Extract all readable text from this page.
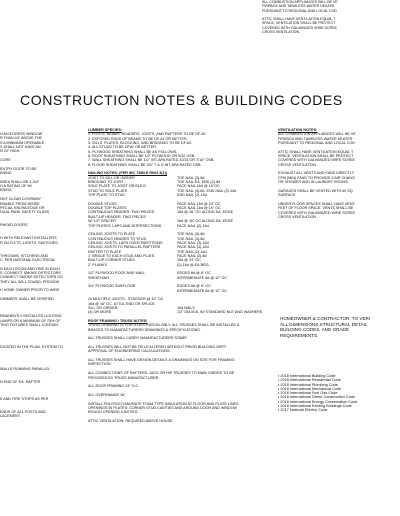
ALL COMBUSTION APPLIANCES WILL BE VE
FIREBOX AND TANKLESS WATER HEATER
PURSUANT TO REGIONAL AND LOCAL COD

ATTIC SHALL HAVE VENTILATION EQUAL T
SPACE. VENTILATION SHALL BE PROTECT
COVERED WITH GALVANIZED WIRE SCREE
CROSS VENTILATION.
CONSTRUCTION NOTES & BUILDING CODES
H AN EGRESS WINDOW
R THAN 44" ABOVE THE
S A MINIMUM OPENABLE
S SHALL NOT HAVE AN
N 24" HIGH.

CORE

ENTRY DOOR TO BE
ENING

AREA SHALL BE 1-3/4"
H A RATING OF 60
ENING

NOT CLEAR DOORWAY
ENABLE FROM INSIDE
PECIAL KNOWLEDGE OR
DUAL PANE SAFETY GLASS

RHEAD DOORS

H WITH RELEVANT INSTALLERS
R OUTLETS, LIGHTS, SWITCHES,

THROOMS, KITCHENS AND
C. PER NATIONAL ELECTRICAL

N EACH ROOM AND ONE IN EACH
S. CONNECT SMOKE DETECTORS
CONNECT SMOKE DETECTORS SO
THEY ALL WILL SOUND. PROVIDE

H HOME OWNER PRIOR TO WIRE

DIMMERS SHALL BE VERIFIED

RMANENTLY INSTALLED LIGHTING
LAMPS OR A MINIMUM OF 75% OF
TING FIXTURES SHALL CONTAIN

DICATED IN THE PLAN, SYSTEM TO

WALLS RUNNING PARALLEL

N END OF EA. RAFTER

E AND FIRE STOPS AS PER

ENDS OF ALL POSTS AND
LACEMENT.
LUMBER SPECIES:
1. POSTS, BEAMS, HEADERS, JOISTS, AND RAFTERS TO BE DF-#2.
2. EXPOSED ENDS OF BEAMS TO BE DF-#1 OR BETTER.
3. SILLS, PLATES, BLOCKING, AND BRIDGING TO BE DF-#2.
4. ALL STUDS TO BE DF#2 OR BETTER.
5. PLYWOOD SHEATHING SHALL BE AS FOLLOWS:
6. ROOF SHEATHING SHALL BE 1/2" PLYWOOD OR 5/32 OSB.
7. WALL SHEATHING SHALL BE 1/2" INT-APA RATED 32/16 OR 7/16" OSB.
8. FLOOR SHEATHING SHALL BE 3/4" T & G INT-APA RATED OSB.
NAILING NOTES: (PER IBC TABLE R602.3(1))
JOIST TO SILL OR GIRDER	TOE NAIL (3)-8d
BRIDGING TO JOIST	TOE NAIL EA. END (2)-8d
SOLE PLATE TO JOIST OR BLK'G	FACE NAIL 16d @ 16"OC
STUD TO SOLE PLATE	TOE NAIL (4)-8d, END NAIL (2)-16d
TOP PLATE TO STUD	END NAIL (2)-16d

DOUBLE STUDS	FACE NAIL 16d @ 24" OC
DOUBLE TOP PLATES	FACE NAIL 16d @ 16" OC
CONTINUOUS HEADER, TWO PIECES	16d @ 16" OC ALONG EA. EDGE
BUILT-UP HEADER, TWO PIECES
W/ 1/2" SPACER	16d @ 16" OC ALONG EA. EDGE
TOP PLATES, LAPS AND INTERSECTIONS	FACE NAIL (2)-16d

CEILING JOISTS TO PLATE	TOE NAIL (3)-8d
CONTINUOUS HEADER TO STUD	TOE NAIL (4)-8d
CEILING JOISTS, LAPS OVER PARTITIONS	FACE NAIL (3)-16d
CEILING JOISTS TO PARALLEL RAFTERS	FACE NAIL (3)-16d
RAFTER TO PLATE	TOE NAIL (2)-16d
1" BRACE TO EACH STUD AND PLATE	FACE NAIL (2)-8d
BUILT-UP CORNER STUDS	16d @ 24" OC
2" PLANKS	(2)-16d @ EA.BRG.

1/2" PLYWOOD ROOF AND WALL	EDGES 8d @ 6" OC
SHEATHING	INTERMEDIATE 8d @ 12" OC

3/4" PLYWOOD SUBFLOOR	EDGES 8d @ 6" OC

INTERMEDIATE 8d @ 12" OC

2x MULTIPLE JOISTS - STAGGER @ 10" OC
16d @ 16" OC. AT EA. END OR SPLICE
SILL OR GIRDER:	16d NAILS
(4) OR MORE	1/2" DIA M.B. W/ STANDARD NUT AND WASHERS
ROOF FRAMING / TRUSS NOTES:
TRUSS DRAWING IS FOR ILLUSTRATION ONLY. ALL TRUSSES SHALL BE INSTALLED &
BRACED TO MANUFACTURERS DRAWINGS & SPECIFICATIONS.

ALL TRUSSES SHALL CARRY MANUFACTURERS STAMP.

ALL TRUSSES WILL NOT BE FIELD ALTERED WITHOUT PRIOR BUILDING DEPT.
APPROVAL OF ENGINEERING CALCULATIONS.

ALL TRUSSES SHALL HAVE DESIGN DETAILS & DRAWINGS ON SITE FOR FRAMING
INSPECTION.

ALL CONNECTIONS OF RAFTERS, JACK OR HIP TRUSSES TO MAIN GIRDER TO BE
PROVIDED BY TRUSS MANUFACTURER.

ALL ROOF FRAMING 24" O.C.

ALL OVERHANGS 16"

INSTALL POLYISOCYANURATE FOAM TYPE INSULATION AT FLOOR AND PLATE LINES,
OPENINGS IN PLATES; CORNER STUD CAVITIES AND AROUND DOOR AND WINDOW
ROUGH OPENING CAVITIES.

ATTIC VENTILATION: REQUIRED ABOVE HOUSE.
VENTILATION NOTES:
ALL COMBUSTION APPLIANCES WILL BE VE
FIREBOX AND TANKLESS WATER HEATER
PURSUANT TO REGIONAL AND LOCAL COD

ATTIC SHALL HAVE VENTILATION EQUAL T
SPACE. VENTILATION SHALL BE PROTECT
COVERED WITH GALVANIZED WIRE SCREE
CROSS VENTILATION.

EXHAUST ALL VENTS AND FANS DIRECTLY
CFM (MIN) FANS TO PROVIDE 5 AIR CHANG
OR SHOWER AND IN LAUNDRY ROOMS.

GARAGES SHALL BE VENTED WITH 60 SQ
SURFACE.

UNDER FLOOR SPACES SHALL HAVE VENT
FEET OF FLOOR SPACE. VENTS SHALL BE
COVERED WITH GALVANIZED WIRE SCREE
CROSS VENTILATION.
HOMEOWNER & CONTRACTOR: TO VERI
ALL DIMENSIONS,STRUCTURAL DETAIL
BUILDING CODES, AND GRADE
REQUIREMENTS.
▪ 2018 International Building Code
▪ 2018 International Residential Code
▪ 2018 International Plumbing Code
▪ 2018 International Mechanical Code
▪ 2018 International Fuel Gas Code
▪ 2018 International Green Construction Code
▪ 2018 International Energy Conservation Code
▪ 2018 International Existing Buildings Code
▪ 2017 National Electric Code
